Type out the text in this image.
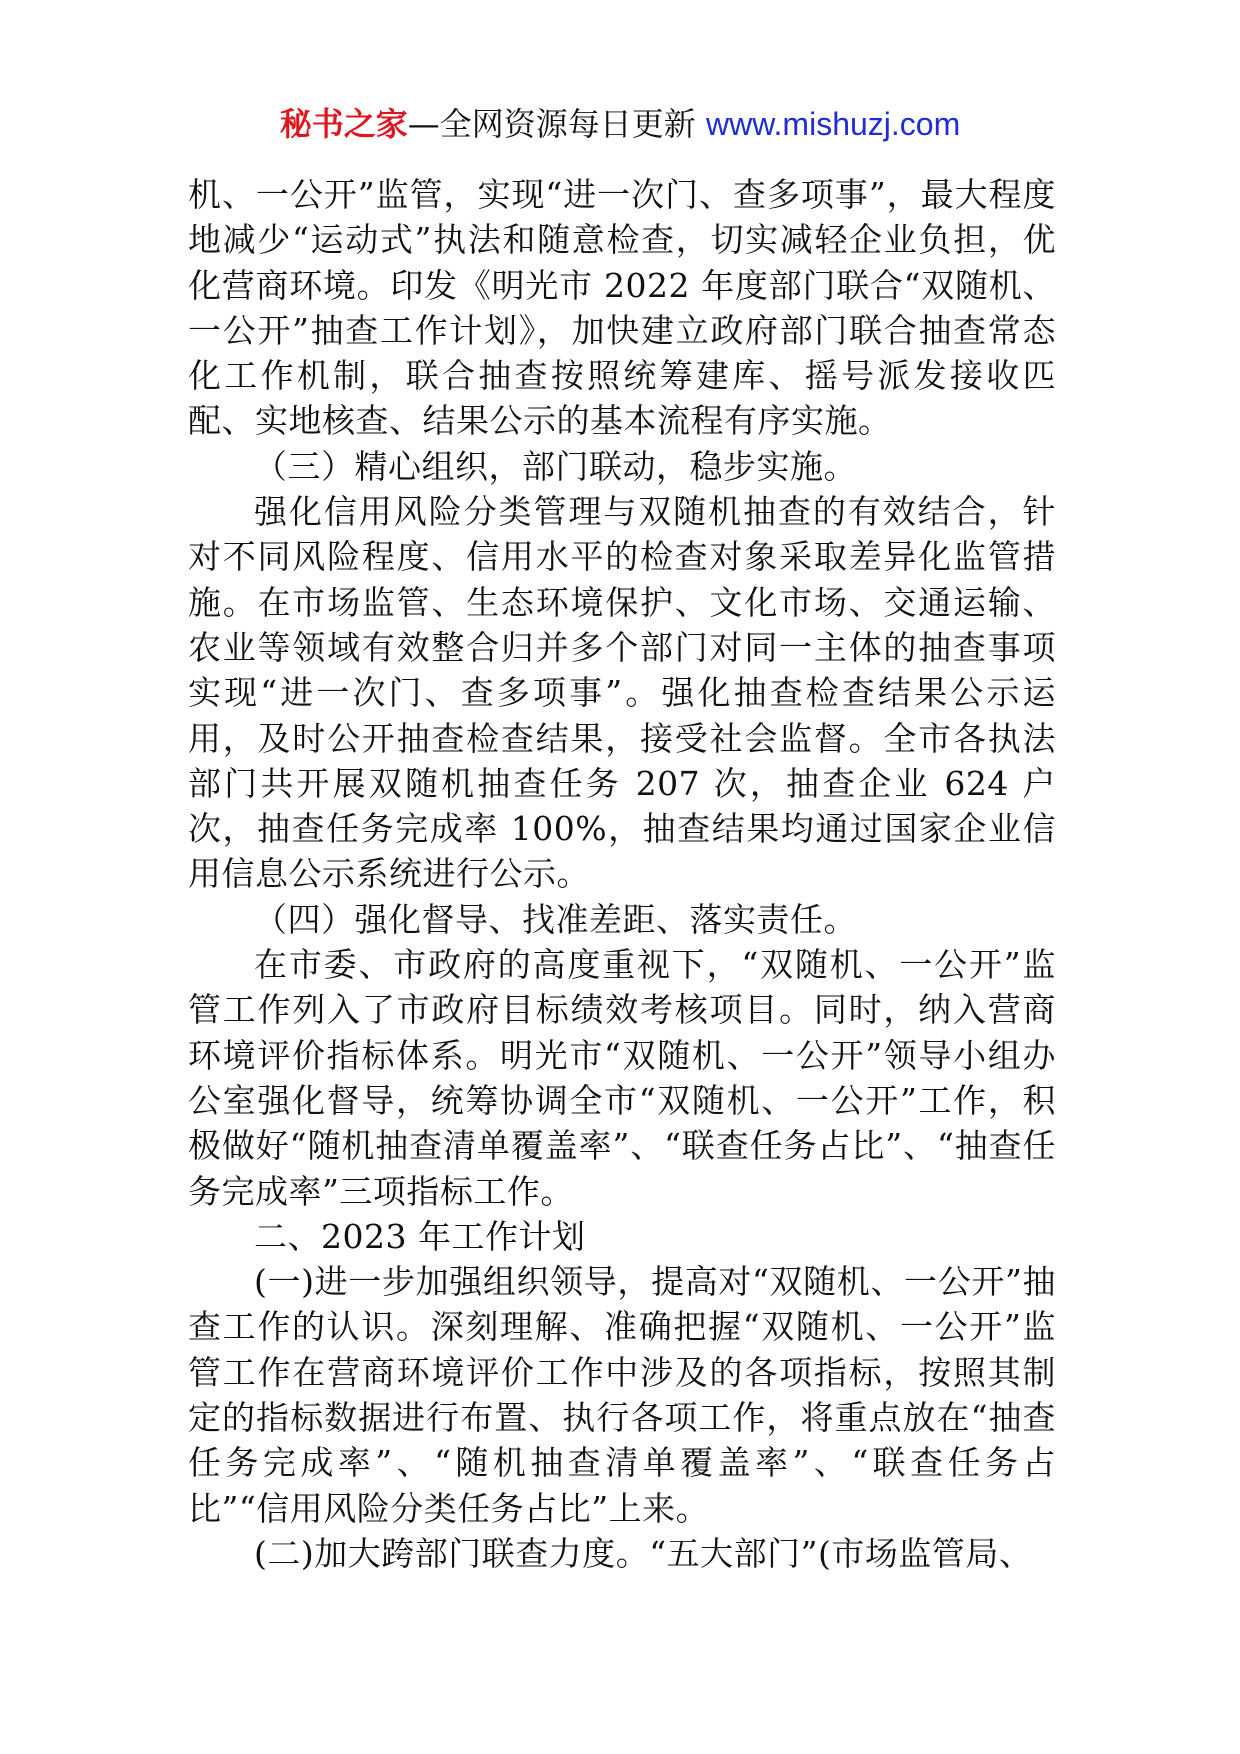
秘书之家—全网资源每日更新 www.mishuzj.com

机、一公开”监管，实现“进一次门、查多项事”，最大程度地减少“运动式”执法和随意检查，切实减轻企业负担，优化营商环境。印发《明光市 2022 年度部门联合“双随机、一公开”抽查工作计划》，加快建立政府部门联合抽查常态化工作机制，联合抽查按照统筹建库、摇号派发接收匹配、实地核查、结果公示的基本流程有序实施。

（三）精心组织，部门联动，稳步实施。

强化信用风险分类管理与双随机抽查的有效结合，针对不同风险程度、信用水平的检查对象采取差异化监管措施。在市场监管、生态环境保护、文化市场、交通运输、农业等领域有效整合归并多个部门对同一主体的抽查事项实现“进一次门、查多项事”。强化抽查检查结果公示运用，及时公开抽查检查结果，接受社会监督。全市各执法部门共开展双随机抽查任务 207 次，抽查企业 624 户次，抽查任务完成率 100%，抽查结果均通过国家企业信用信息公示系统进行公示。

（四）强化督导、找准差距、落实责任。

在市委、市政府的高度重视下，“双随机、一公开”监管工作列入了市政府目标绩效考核项目。同时，纳入营商环境评价指标体系。明光市“双随机、一公开”领导小组办公室强化督导，统筹协调全市“双随机、一公开”工作，积极做好“随机抽查清单覆盖率”、“联查任务占比”、“抽查任务完成率”三项指标工作。

二、2023 年工作计划

(一)进一步加强组织领导，提高对“双随机、一公开”抽查工作的认识。深刻理解、准确把握“双随机、一公开”监管工作在营商环境评价工作中涉及的各项指标，按照其制定的指标数据进行布置、执行各项工作，将重点放在“抽查任务完成率”、“随机抽查清单覆盖率”、“联查任务占比”“信用风险分类任务占比”上来。

(二)加大跨部门联查力度。“五大部门”(市场监管局、
